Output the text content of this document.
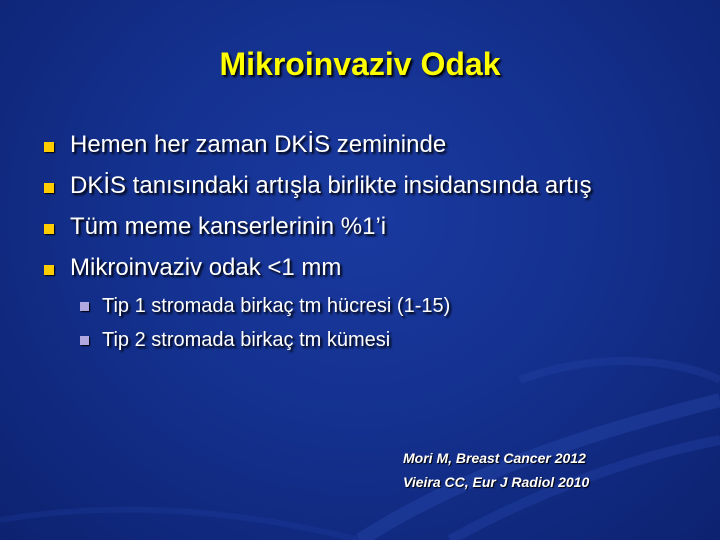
Mikroinvaziv Odak
Hemen her zaman DKİS zemininde
DKİS tanısındaki artışla birlikte insidansında artış
Tüm meme kanserlerinin %1’i
Mikroinvaziv odak <1 mm
Tip 1 stromada birkaç tm hücresi (1-15)
Tip 2 stromada birkaç tm kümesi
Mori M, Breast Cancer 2012
Vieira CC, Eur J Radiol 2010
